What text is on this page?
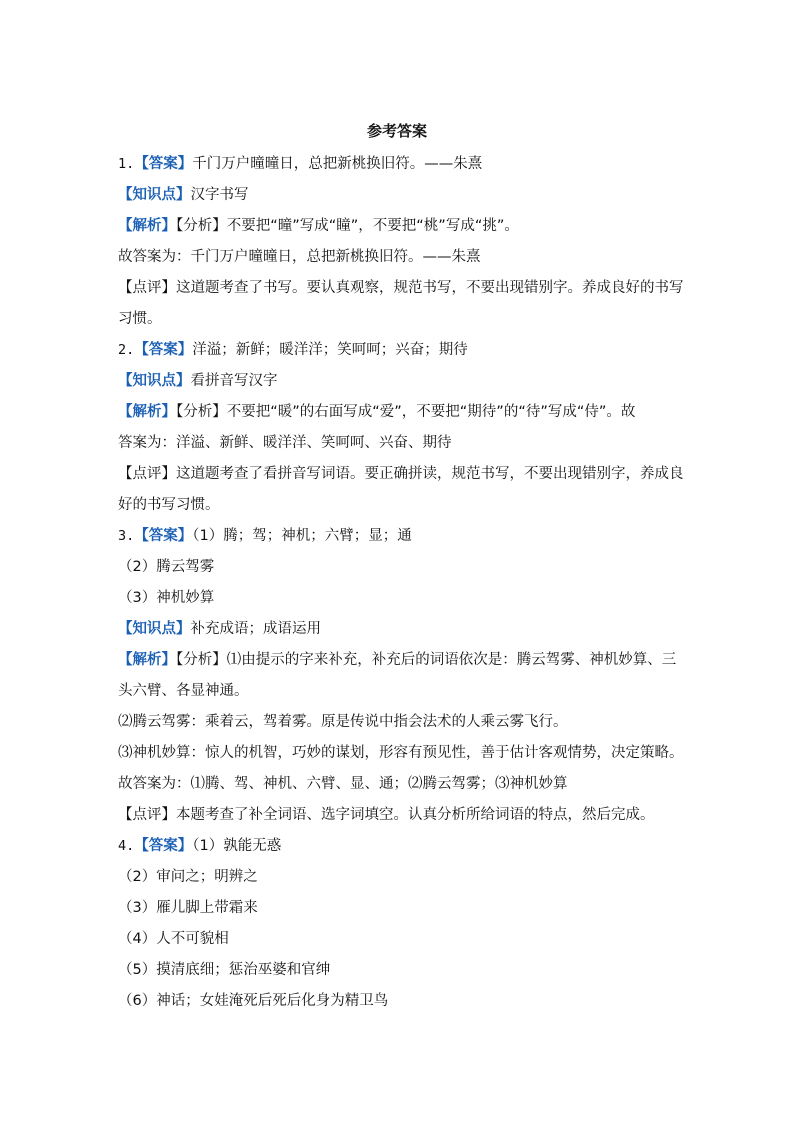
参考答案
1.【答案】千门万户曈曈日，总把新桃换旧符。——朱熹
【知识点】汉字书写
【解析】【分析】不要把“曈”写成“瞳”，不要把“桃”写成“挑”。
故答案为：千门万户曈曈日，总把新桃换旧符。——朱熹
【点评】这道题考查了书写。要认真观察，规范书写，不要出现错别字。养成良好的书写
习惯。
2.【答案】洋溢；新鲜；暖洋洋；笑呵呵；兴奋；期待
【知识点】看拼音写汉字
【解析】【分析】不要把“暖”的右面写成“爱”，不要把“期待”的“待”写成“侍”。故
答案为：洋溢、新鲜、暖洋洋、笑呵呵、兴奋、期待
【点评】这道题考查了看拼音写词语。要正确拼读，规范书写，不要出现错别字，养成良
好的书写习惯。
3.【答案】（1）腾；驾；神机；六臂；显；通
（2）腾云驾雾
（3）神机妙算
【知识点】补充成语；成语运用
【解析】【分析】⑴由提示的字来补充，补充后的词语依次是：腾云驾雾、神机妙算、三
头六臂、各显神通。
⑵腾云驾雾：乘着云，驾着雾。原是传说中指会法术的人乘云雾飞行。
⑶神机妙算：惊人的机智，巧妙的谋划，形容有预见性，善于估计客观情势，决定策略。
故答案为：⑴腾、驾、神机、六臂、显、通；⑵腾云驾雾；⑶神机妙算
【点评】本题考查了补全词语、选字词填空。认真分析所给词语的特点，然后完成。
4.【答案】（1）孰能无惑
（2）审问之；明辨之
（3）雁儿脚上带霜来
（4）人不可貌相
（5）摸清底细；惩治巫婆和官绅
（6）神话；女娃淹死后死后化身为精卫鸟
